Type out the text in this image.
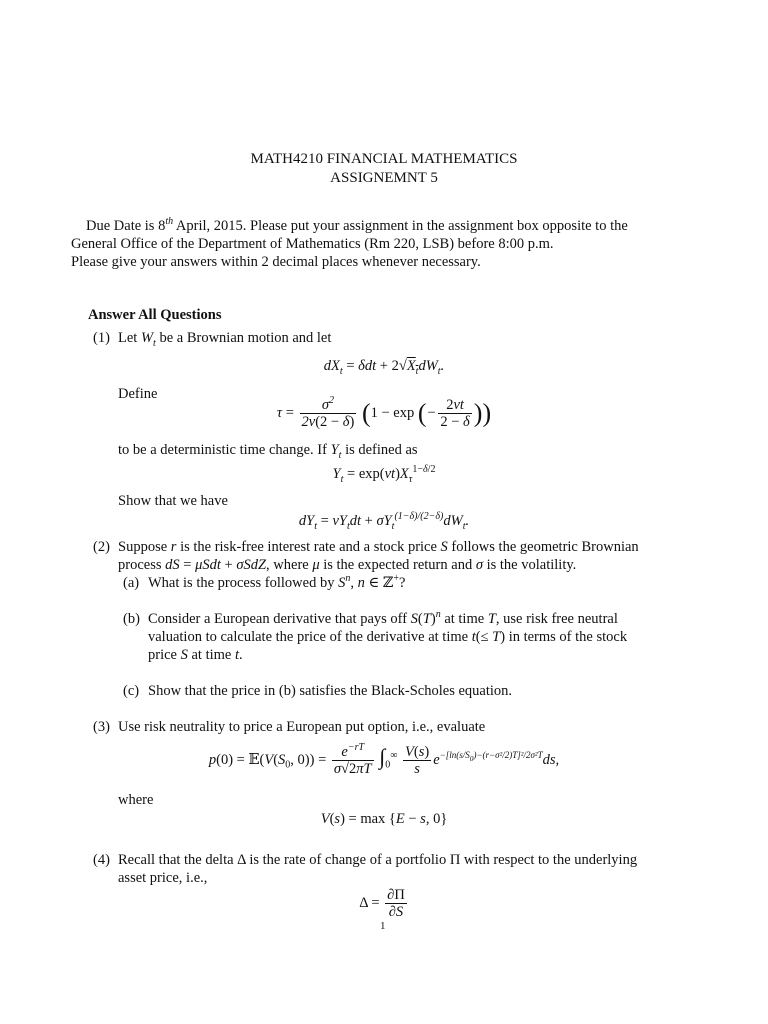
MATH4210 FINANCIAL MATHEMATICS
ASSIGNEMNT 5
Due Date is 8th April, 2015. Please put your assignment in the assignment box opposite to the
General Office of the Department of Mathematics (Rm 220, LSB) before 8:00 p.m.
Please give your answers within 2 decimal places whenever necessary.
Answer All Questions
(1) Let $W_t$ be a Brownian motion and let
$dX_t = \delta dt + 2√X_tdW_t$.
Define
$\tau = \frac{\sigma^2}{2\nu(2 - \delta)} (1 - \exp$ (− $\frac{2\nu t}{2 - \delta}$ ))
to be a deterministic time change. If $Y_t$ is defined as
$Y_t = \exp(\nu t)X_\tau^{1-\delta/2}$
Show that we have
$dY_t = \nu Y_tdt + \sigma Y_t^{(1-\delta)/(2-\delta)}dW_t$.
(2) Suppose r is the risk-free interest rate and a stock price S follows the geometric Brownian
process dS = μSdt + σSdZ, where μ is the expected return and σ is the volatility.
(a) What is the process followed by $S^n$, n ∈ ℤ+?
(b) Consider a European derivative that pays off $S(T)^n$ at time T, use risk free neutral
valuation to calculate the price of the derivative at time t(≤ T) in terms of the stock
price S at time t.
(c) Show that the price in (b) satisfies the Black-Scholes equation.
(3) Use risk neutrality to price a European put option, i.e., evaluate
$p(0) = 𝔼(V(S_0$, $0)) = \frac{e^{-rT}}{\sigma√2\pi T} \int_0^\infty \frac{V(s)}{s} e^{-[ln(s/S_0)-(r-\sigma^2/2)T]^2/2\sigma^2T}ds$,
where
V(s) = max {E − s, 0}
(4) Recall that the delta Δ is the rate of change of a portfolio Π with respect to the underlying
asset price, i.e.,
$\Delta = \frac{\partial\Pi}{\partial S}$
1
